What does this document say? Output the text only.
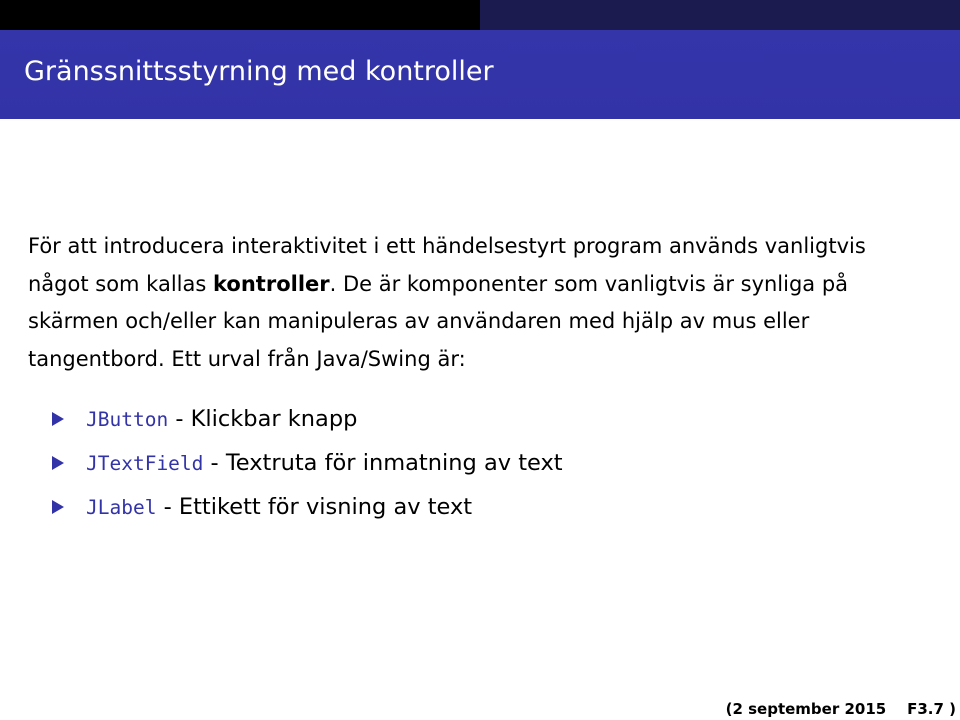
Gränssnittsstyrning med kontroller

För att introducera interaktivitet i ett händelsestyrt program används vanligtvis något som kallas kontroller. De är komponenter som vanligtvis är synliga på skärmen och/eller kan manipuleras av användaren med hjälp av mus eller tangentbord. Ett urval från Java/Swing är:

JButton - Klickbar knapp
JTextField - Textruta för inmatning av text
JLabel - Ettikett för visning av text
(2 september 2015    F3.7 )
